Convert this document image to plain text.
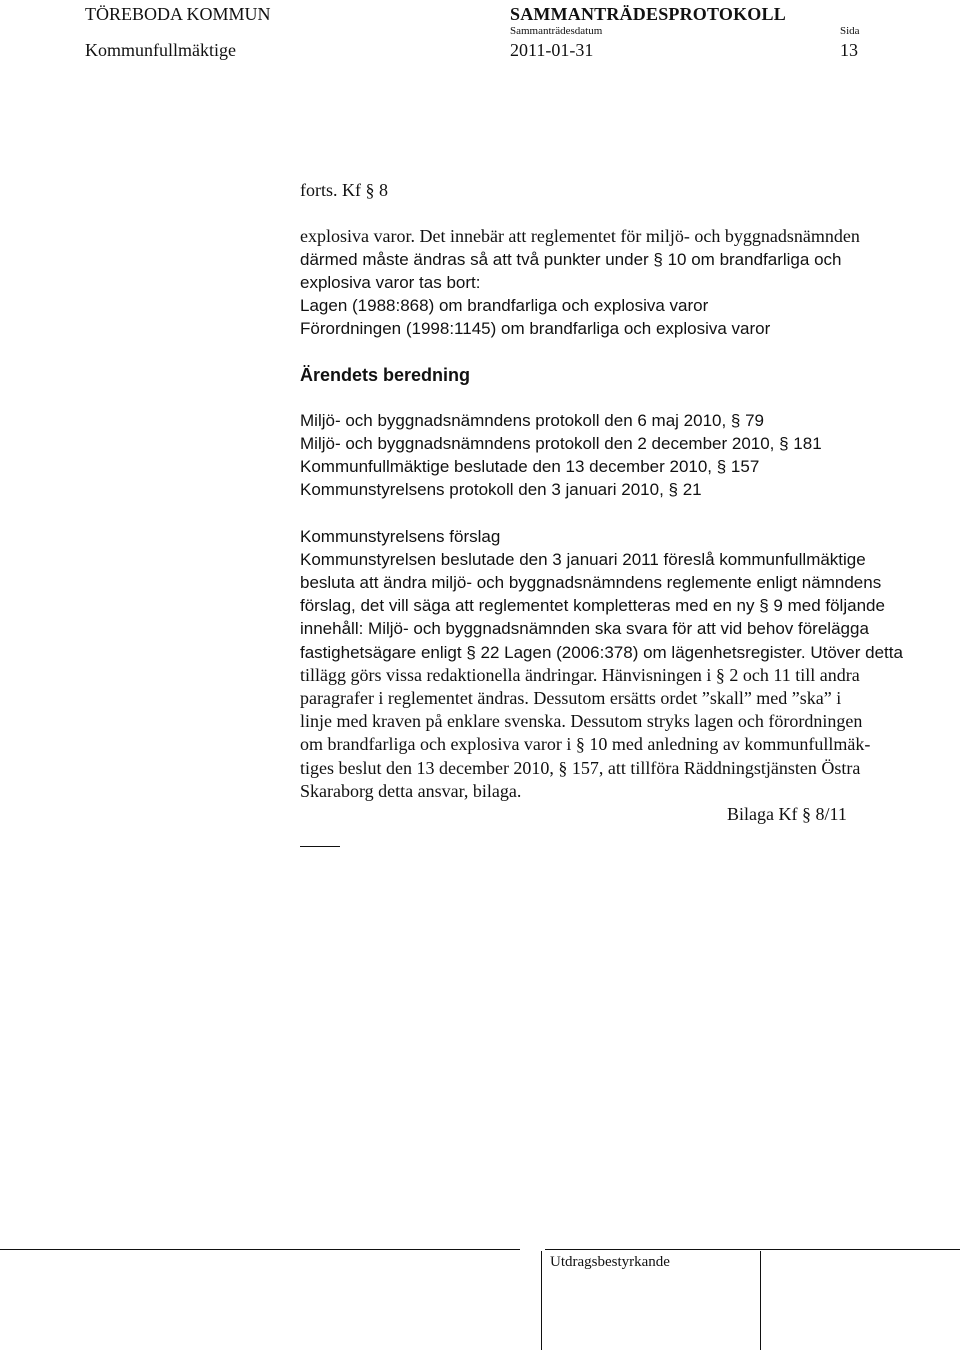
TÖREBODA KOMMUN	SAMMANTRÄDESPROTOKOLL
Sammanträdesdatum	Sida
Kommunfullmäktige	2011-01-31	13
forts. Kf § 8
explosiva varor. Det innebär att reglementet för miljö- och byggnadsnämnden
därmed måste ändras så att två punkter under § 10 om brandfarliga och
explosiva varor tas bort:
Lagen (1988:868) om brandfarliga och explosiva varor
Förordningen (1998:1145) om brandfarliga och explosiva varor
Ärendets beredning
Miljö- och byggnadsnämndens protokoll den 6 maj 2010, § 79
Miljö- och byggnadsnämndens protokoll den 2 december 2010, § 181
Kommunfullmäktige beslutade den 13 december 2010, § 157
Kommunstyrelsens protokoll den 3 januari 2010, § 21
Kommunstyrelsens förslag
Kommunstyrelsen beslutade den 3 januari 2011 föreslå kommunfullmäktige
besluta att ändra miljö- och byggnadsnämndens reglemente enligt nämndens
förslag, det vill säga att reglementet kompletteras med en ny § 9 med följande
innehåll: Miljö- och byggnadsnämnden ska svara för att vid behov förelägga
fastighetsägare enligt § 22 Lagen (2006:378) om lägenhetsregister. Utöver detta
tillägg görs vissa redaktionella ändringar. Hänvisningen i § 2 och 11 till andra
paragrafer i reglementet ändras. Dessutom ersätts ordet ”skall” med ”ska” i
linje med kraven på enklare svenska. Dessutom stryks lagen och förordningen
om brandfarliga och explosiva varor i § 10 med anledning av kommunfullmäk-
tiges beslut den 13 december 2010, § 157, att tillföra Räddningstjänsten Östra
Skaraborg detta ansvar, bilaga.
Bilaga Kf § 8/11
Utdragsbestyrkande
